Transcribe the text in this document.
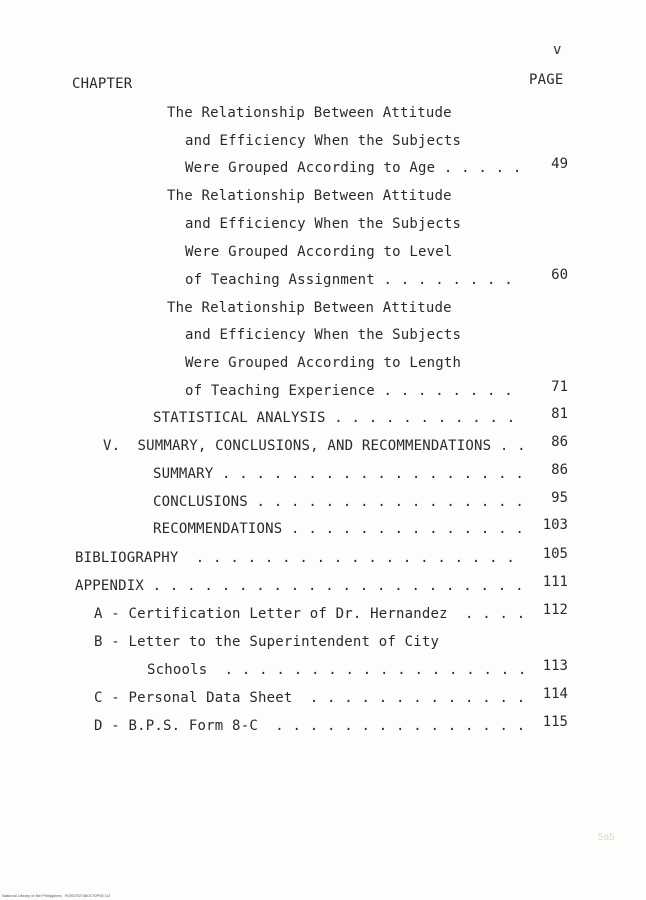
v
CHAPTER	PAGE
The Relationship Between Attitude
and Efficiency When the Subjects
Were Grouped According to Age . . . . .	49
The Relationship Between Attitude
and Efficiency When the Subjects
Were Grouped According to Level
of Teaching Assignment . . . . . . . .	60
The Relationship Between Attitude
and Efficiency When the Subjects
Were Grouped According to Length
of Teaching Experience . . . . . . . .	71
STATISTICAL ANALYSIS . . . . . . . . . . .	81
V.  SUMMARY, CONCLUSIONS, AND RECOMMENDATIONS . .	86
SUMMARY . . . . . . . . . . . . . . . . . .	86
CONCLUSIONS . . . . . . . . . . . . . . . .	95
RECOMMENDATIONS . . . . . . . . . . . . . .	103
BIBLIOGRAPHY  . . . . . . . . . . . . . . . . . . .	105
APPENDIX . . . . . . . . . . . . . . . . . . . . . .	111
A - Certification Letter of Dr. Hernandez  . . . .	112
B - Letter to the Superintendent of City
Schools  . . . . . . . . . . . . . . . . . .	113
C - Personal Data Sheet  . . . . . . . . . . . . .	114
D - B.P.S. Form 8-C  . . . . . . . . . . . . . . .	115
5a5
National Library of the Philippines   ROS0T0T4601T0P05 1/2
